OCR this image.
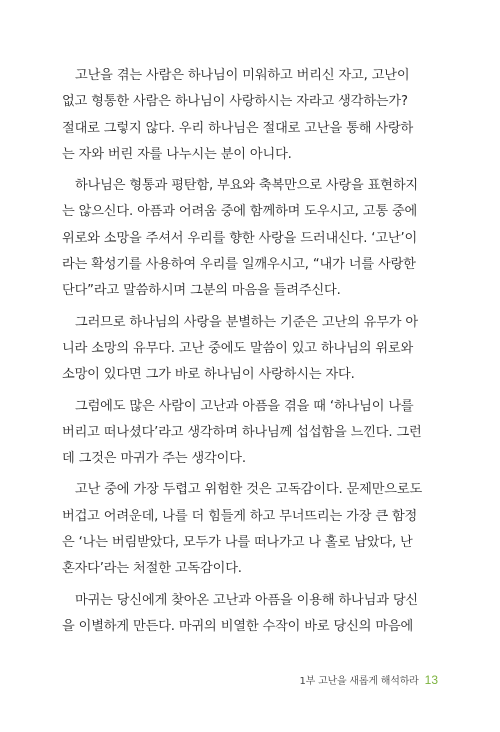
고난을 겪는 사람은 하나님이 미워하고 버리신 자고, 고난이
없고 형통한 사람은 하나님이 사랑하시는 자라고 생각하는가?
절대로 그렇지 않다. 우리 하나님은 절대로 고난을 통해 사랑하
는 자와 버린 자를 나누시는 분이 아니다.
하나님은 형통과 평탄함, 부요와 축복만으로 사랑을 표현하지
는 않으신다. 아픔과 어려움 중에 함께하며 도우시고, 고통 중에
위로와 소망을 주셔서 우리를 향한 사랑을 드러내신다. ‘고난’이
라는 확성기를 사용하여 우리를 일깨우시고, “내가 너를 사랑한
단다”라고 말씀하시며 그분의 마음을 들려주신다.
그러므로 하나님의 사랑을 분별하는 기준은 고난의 유무가 아
니라 소망의 유무다. 고난 중에도 말씀이 있고 하나님의 위로와
소망이 있다면 그가 바로 하나님이 사랑하시는 자다.
그럼에도 많은 사람이 고난과 아픔을 겪을 때 ‘하나님이 나를
버리고 떠나셨다’라고 생각하며 하나님께 섭섭함을 느낀다. 그런
데 그것은 마귀가 주는 생각이다.
고난 중에 가장 두렵고 위험한 것은 고독감이다. 문제만으로도
버겁고 어려운데, 나를 더 힘들게 하고 무너뜨리는 가장 큰 함정
은 ‘나는 버림받았다, 모두가 나를 떠나가고 나 홀로 남았다, 난
혼자다’라는 처절한 고독감이다.
마귀는 당신에게 찾아온 고난과 아픔을 이용해 하나님과 당신
을 이별하게 만든다. 마귀의 비열한 수작이 바로 당신의 마음에
1부 고난을 새롭게 해석하라 13
